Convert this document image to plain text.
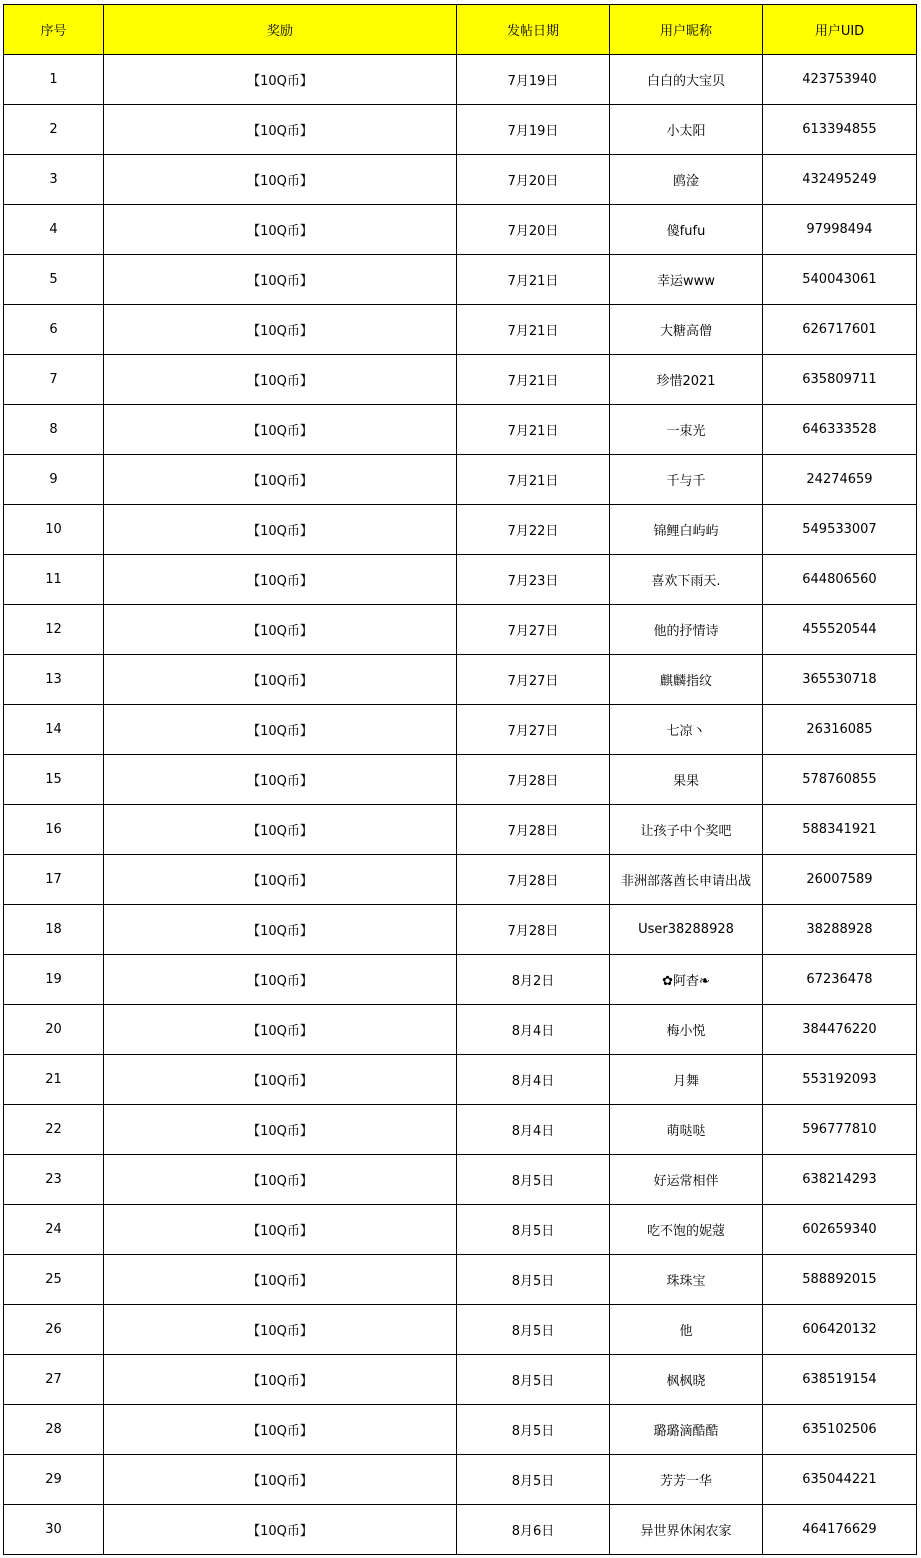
序号	奖励	发帖日期	用户昵称	用户UID
1	【10Q币】	7月19日	白白的大宝贝	423753940
2	【10Q币】	7月19日	小太阳	613394855
3	【10Q币】	7月20日	鸥淦	432495249
4	【10Q币】	7月20日	傻fufu	97998494
5	【10Q币】	7月21日	幸运www	540043061
6	【10Q币】	7月21日	大糖高僧	626717601
7	【10Q币】	7月21日	珍惜2021	635809711
8	【10Q币】	7月21日	一束光	646333528
9	【10Q币】	7月21日	千与千	24274659
10	【10Q币】	7月22日	锦鲤白屿屿	549533007
11	【10Q币】	7月23日	喜欢下雨天.	644806560
12	【10Q币】	7月27日	他的抒情诗	455520544
13	【10Q币】	7月27日	麒麟指纹	365530718
14	【10Q币】	7月27日	七凉丶	26316085
15	【10Q币】	7月28日	果果	578760855
16	【10Q币】	7月28日	让孩子中个奖吧	588341921
17	【10Q币】	7月28日	非洲部落酋长申请出战	26007589
18	【10Q币】	7月28日	User38288928	38288928
19	【10Q币】	8月2日	✿阿杳❧	67236478
20	【10Q币】	8月4日	梅小悦	384476220
21	【10Q币】	8月4日	月舞	553192093
22	【10Q币】	8月4日	萌哒哒	596777810
23	【10Q币】	8月5日	好运常相伴	638214293
24	【10Q币】	8月5日	吃不饱的妮蔻	602659340
25	【10Q币】	8月5日	珠珠宝	588892015
26	【10Q币】	8月5日	他	606420132
27	【10Q币】	8月5日	枫枫晓	638519154
28	【10Q币】	8月5日	璐璐滴酷酷	635102506
29	【10Q币】	8月5日	芳芳一华	635044221
30	【10Q币】	8月6日	异世界休闲农家	464176629
